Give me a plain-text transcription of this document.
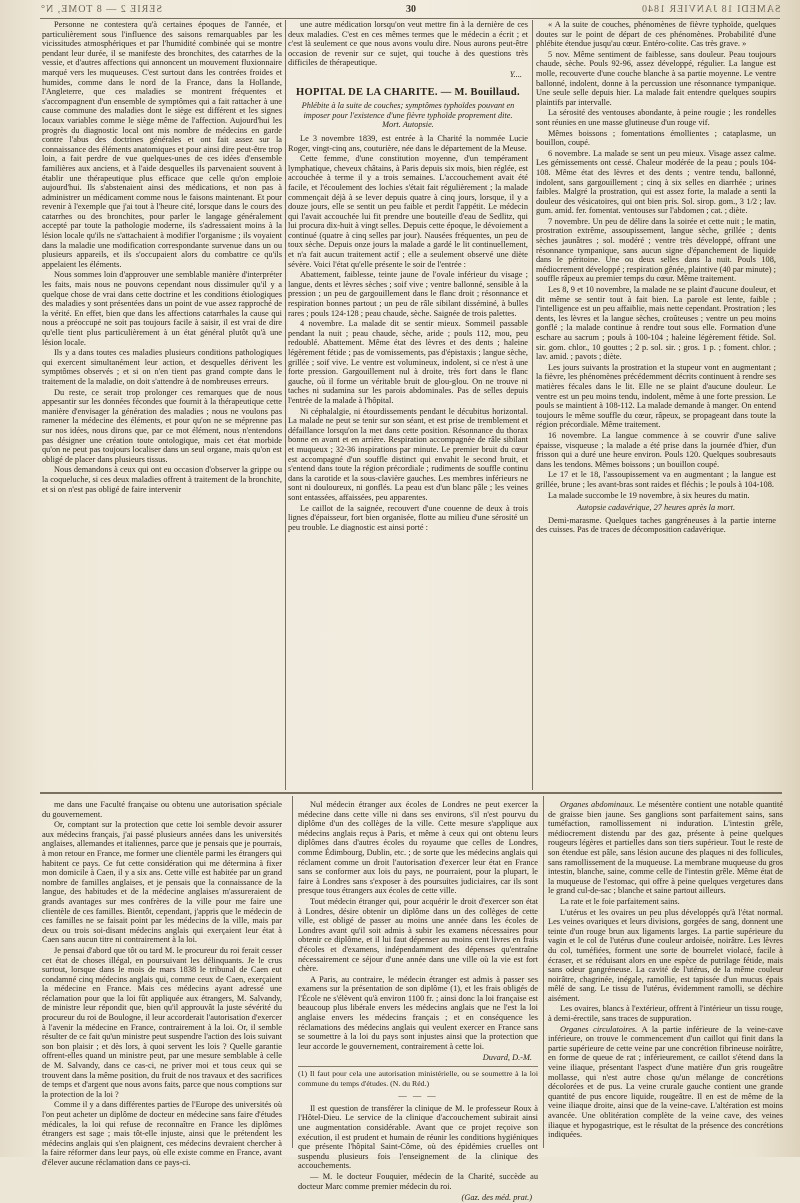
SERIE 2 — 8 TOME, N°	30	SAMEDI 18 JANVIER 1840

Personne ne contestera qu'à certaines époques de l'année, et particulièrement sous l'influence des saisons remarquables par les vicissitudes atmosphériques et par l'humidité combinée qui se montre pendant leur durée, il se manifeste des bronchites, des catarrhes de la vessie, et d'autres affections qui annoncent un mouvement fluxionnaire marqué vers les muqueuses. C'est surtout dans les contrées froides et humides, comme dans le nord de la France, dans la Hollande, l'Angleterre, que ces maladies se montrent fréquentes et s'accompagnent d'un ensemble de symptômes qui a fait rattacher à une cause commune des maladies dont le siège est différent et les signes locaux variables comme le siège même de l'affection. Aujourd'hui les progrès du diagnostic local ont mis nombre de médecins en garde contre l'abus des doctrines générales et ont fait assez sur la connaissance des éléments anatomiques et pour ainsi dire peut-être trop loin, a fait perdre de vue quelques-unes de ces idées d'ensemble familières aux anciens, et à l'aide desquelles ils parvenaient souvent à établir une thérapeutique plus efficace que celle qu'on emploie aujourd'hui. Ils s'abstenaient ainsi des médications, et non pas à administrer un médicament comme nous le faisons maintenant. Et pour revenir à l'exemple que j'ai tout à l'heure cité, lorsque dans le cours des catarrhes ou des bronchites, pour parler le langage généralement accepté par toute la pathologie moderne, ils s'adressaient moins à la lésion locale qu'ils ne s'attachaient à modifier l'organisme ; ils voyaient dans la maladie une modification correspondante survenue dans un ou plusieurs appareils, et ils s'occupaient alors du combattre ce qu'ils appelaient les éléments.

Nous sommes loin d'approuver une semblable manière d'interpréter les faits, mais nous ne pouvons cependant nous dissimuler qu'il y a quelque chose de vrai dans cette doctrine et les conditions étiologiques des maladies y sont présentées dans un point de vue assez rapproché de la vérité. En effet, bien que dans les affections catarrhales la cause qui nous a préoccupé ne soit pas toujours facile à saisir, il est vrai de dire qu'elle tient plus particulièrement à un état général plutôt qu'à une lésion locale.

Ils y a dans toutes ces maladies plusieurs conditions pathologiques qui exercent simultanément leur action, et desquelles dérivent les symptômes observés ; et si on n'en tient pas grand compte dans le traitement de la maladie, on doit s'attendre à de nombreuses erreurs.

Du reste, ce serait trop prolonger ces remarques que de nous appesantir sur les données fécondes que fournit à la thérapeutique cette manière d'envisager la génération des maladies ; nous ne voulons pas ramener la médecine des éléments, et pour qu'on ne se méprenne pas sur nos idées, nous dirons que, par ce mot élément, nous n'entendons pas désigner une création toute ontologique, mais cet état morbide qu'on ne peut pas toujours localiser dans un seul organe, mais qu'on est obligé de placer dans plusieurs tissus.

Nous demandons à ceux qui ont eu occasion d'observer la grippe ou la coqueluche, si ces deux maladies offrent à traitement de la bronchite, et si on n'est pas obligé de faire intervenir

une autre médication lorsqu'on veut mettre fin à la dernière de ces deux maladies. C'est en ces mêmes termes que le médecin a écrit ; et c'est là seulement ce que nous avons voulu dire. Nous aurons peut-être occasion de revenir sur ce sujet, qui touche à des questions très difficiles de thérapeutique.

Y....
HOPITAL DE LA CHARITE. — M. Bouillaud.
Phlébite à la suite de couches; symptômes typhoïdes pouvant en imposer pour l'existence d'une fièvre typhoïde proprement dite. Mort. Autopsie.

Le 3 novembre 1839, est entrée à la Charité la nommée Lucie Roger, vingt-cinq ans, couturière, née dans le département de la Meuse.

Cette femme, d'une constitution moyenne, d'un tempérament lymphatique, cheveux châtains, à Paris depuis six mois, bien réglée, est accouchée à terme il y a trois semaines. L'accouchement avait été facile, et l'écoulement des lochies s'était fait régulièrement ; la malade commençait déjà à se lever depuis quatre à cinq jours, lorsque, il y a douze jours, elle se sentit un peu faible et perdit l'appétit. Le médecin qui l'avait accouchée lui fit prendre une bouteille d'eau de Sedlitz, qui lui procura dix-huit à vingt selles. Depuis cette époque, le dévoiement a continué (quatre à cinq selles par jour). Nausées fréquentes, un peu de toux sèche. Depuis onze jours la malade a gardé le lit continuellement, et n'a fait aucun traitement actif ; elle a seulement observé une diète sévère. Voici l'état qu'elle présente le soir de l'entrée :

Abattement, faiblesse, teinte jaune de l'ovale inférieur du visage ; langue, dents et lèvres sèches ; soif vive ; ventre ballonné, sensible à la pression ; un peu de gargouillement dans le flanc droit ; résonnance et respiration bonnes partout ; un peu de râle sibilant disséminé, à bulles rares ; pouls 124-128 ; peau chaude, sèche. Saignée de trois palettes.

4 novembre. La malade dit se sentir mieux. Sommeil passable pendant la nuit ; peau chaude, sèche, aride ; pouls 112, mou, peu redoublé. Abattement. Même état des lèvres et des dents ; haleine légèrement fétide ; pas de vomissements, pas d'épistaxis ; langue sèche, grillée ; soif vive. Le ventre est volumineux, indolent, si ce n'est à une forte pression. Gargouillement nul à droite, très fort dans le flanc gauche, où il forme un véritable bruit de glou-glou. On ne trouve ni taches ni sudamina sur les parois abdominales. Pas de selles depuis l'entrée de la malade à l'hôpital.

Ni céphalalgie, ni étourdissements pendant le décubitus horizontal. La malade ne peut se tenir sur son séant, et est prise de tremblement et défaillance lorsqu'on la met dans cette position. Résonnance du thorax bonne en avant et en arrière. Respiration accompagnée de râle sibilant et muqueux ; 32-36 inspirations par minute. Le premier bruit du cœur est accompagné d'un souffle distinct qui envahit le second bruit, et s'entend dans toute la région précordiale ; rudiments de souffle continu dans la carotide et la sous-clavière gauches. Les membres inférieurs ne sont ni douloureux, ni gonflés. La peau est d'un blanc pâle ; les veines sont entassées, affaissées, peu apparentes.

Le caillot de la saignée, recouvert d'une couenne de deux à trois lignes d'épaisseur, fort bien organisée, flotte au milieu d'une sérosité un peu trouble. Le diagnostic est ainsi porté :

« A la suite de couches, phénomènes de fièvre typhoïde, quelques doutes sur le point de départ de ces phénomènes. Probabilité d'une phlébite étendue jusqu'au cœur. Entéro-colite. Cas très grave. »

5 nov. Même sentiment de faiblesse, sans douleur. Peau toujours chaude, sèche. Pouls 92-96, assez développé, régulier. La langue est molle, recouverte d'une couche blanche à sa partie moyenne. Le ventre ballonné, indolent, donne à la percussion une résonnance tympanique. Une seule selle depuis hier. La malade fait entendre quelques soupirs plaintifs par intervalle.

La sérosité des ventouses abondante, à peine rougie ; les rondelles sont réunies en une masse glutineuse d'un rouge vif.

Mêmes boissons ; fomentations émollientes ; cataplasme, un bouillon, coupé.

6 novembre. La malade se sent un peu mieux. Visage assez calme. Les gémissements ont cessé. Chaleur modérée de la peau ; pouls 104-108. Même état des lèvres et des dents ; ventre tendu, ballonné, indolent, sans gargouillement ; cinq à six selles en diarrhée ; urines faibles. Malgré la prostration, qui est assez forte, la malade a senti la douleur des vésicatoires, qui ont bien pris. Sol. sirop. gom., 3 1/2 ; lav. gum. amid. fer. fomentat. ventouses sur l'abdomen ; cat. ; diète.

7 novembre. Un peu de délire dans la soirée et cette nuit ; le matin, prostration extrême, assoupissement, langue sèche, grillée ; dents sèches jaunâtres ; sol. modéré ; ventre très développé, offrant une résonnance tympanique, sans aucun signe d'épanchement de liquide dans le péritoine. Une ou deux selles dans la nuit. Pouls 108, médiocrement développé ; respiration gênée, plaintive (40 par minute) ; souffle râpeux au premier temps du cœur. Même traitement.

Les 8, 9 et 10 novembre, la malade ne se plaint d'aucune douleur, et dit même se sentir tout à fait bien. La parole est lente, faible ; l'intelligence est un peu affaiblie, mais nette cependant. Prostration ; les dents, les lèvres et la langue sèches, croûteuses ; ventre un peu moins gonflé ; la malade continue à rendre tout sous elle. Formation d'une eschare au sacrum ; pouls à 100-104 ; haleine légèrement fétide. Sol. sir. gom. chlor., 10 gouttes ; 2 p. sol. sir. ; gros. 1 p. ; foment. chlor. ; lav. amid. ; pavots ; diète.

Les jours suivants la prostration et la stupeur vont en augmentant ; la fièvre, les phénomènes précédemment décrits continuent à rendre ses matières fécales dans le lit. Elle ne se plaint d'aucune douleur. Le ventre est un peu moins tendu, indolent, même à une forte pression. Le pouls se maintient à 108-112. La malade demande à manger. On entend toujours le même souffle du cœur, râpeux, se propageant dans toute la région précordiale. Même traitement.

16 novembre. La langue commence à se couvrir d'une salive épaisse, visqueuse ; la malade a été prise dans la journée d'hier, d'un frisson qui a duré une heure environ. Pouls 120. Quelques soubresauts dans les tendons. Mêmes boissons ; un bouillon coupé.

Le 17 et le 18, l'assoupissement va en augmentant ; la langue est grillée, brune ; les avant-bras sont raides et fléchis ; le pouls à 104-108.

La malade succombe le 19 novembre, à six heures du matin.

Autopsie cadavérique, 27 heures après la mort.

Demi-marasme. Quelques taches gangréneuses à la partie interne des cuisses. Pas de traces de décomposition cadavérique.

me dans une Faculté française ou obtenu une autorisation spéciale du gouvernement.

Or, comptant sur la protection que cette loi semble devoir assurer aux médecins français, j'ai passé plusieurs années dans les universités anglaises, allemandes et italiennes, parce que je pensais que je pourrais, à mon retour en France, me former une clientèle parmi les étrangers qui habitent ce pays. Ce fut cette considération qui me détermina à fixer mon domicile à Caen, il y a six ans. Cette ville est habitée par un grand nombre de familles anglaises, et je pensais que la connaissance de la langue, des habitudes et de la médecine anglaises m'assureraient de grands avantages sur mes confrères de la ville pour me faire une clientèle de ces familles. Bientôt, cependant, j'appris que le médecin de ces familles ne se faisait point par les médecins de la ville, mais par deux ou trois soi-disant médecins anglais qui exerçaient leur état à Caen sans aucun titre ni contrairement à la loi.

Je pensai d'abord que tôt ou tard M. le procureur du roi ferait cesser cet état de choses illégal, en poursuivant les délinquants. Je le crus surtout, lorsque dans le mois de mars 1838 le tribunal de Caen eut condamné cinq médecins anglais qui, comme ceux de Caen, exerçaient la médecine en France. Mais ces médecins ayant adressé une réclamation pour que la loi fût appliquée aux étrangers, M. Salvandy, de ministre leur répondit que, bien qu'il approuvât la juste sévérité du procureur du roi de Boulogne, il leur accorderait l'autorisation d'exercer à l'avenir la médecine en France, contrairement à la loi. Or, il semble résulter de ce fait qu'un ministre peut suspendre l'action des lois suivant son bon plaisir ; et dès lors, à quoi servent les lois ? Quelle garantie offrent-elles quand un ministre peut, par une mesure semblable à celle de M. Salvandy, dans ce cas-ci, ne priver moi et tous ceux qui se trouvent dans la même position, du fruit de nos travaux et des sacrifices de temps et d'argent que nous avons faits, parce que nous comptions sur la protection de la loi ?

Comme il y a dans différentes parties de l'Europe des universités où l'on peut acheter un diplôme de docteur en médecine sans faire d'études médicales, la loi qui refuse de reconnaître en France les diplômes étrangers est sage ; mais tôt-elle injuste, ainsi que le prétendent les médecins anglais qui s'en plaignent, ces médecins devraient chercher à la faire réformer dans leur pays, où elle existe comme en France, avant d'élever aucune réclamation dans ce pays-ci.

Nul médecin étranger aux écoles de Londres ne peut exercer la médecine dans cette ville ni dans ses environs, s'il n'est pourvu du diplôme d'un des collèges de la ville. Cette mesure s'applique aux médecins anglais reçus à Paris, et même à ceux qui ont obtenu leurs diplômes dans d'autres écoles du royaume que celles de Londres, comme Édimbourg, Dublin, etc. ; de sorte que les médecins anglais qui réclament comme un droit l'autorisation d'exercer leur état en France sans se conformer aux lois du pays, ne pourraient, pour la plupart, le faire à Londres sans s'exposer à des poursuites judiciaires, car ils sont presque tous étrangers aux écoles de cette ville.

Tout médecin étranger qui, pour acquérir le droit d'exercer son état à Londres, désire obtenir un diplôme dans un des collèges de cette ville, est obligé de passer au moins une année dans les écoles de Londres avant qu'il soit admis à subir les examens nécessaires pour obtenir ce diplôme, et il lui faut dépenser au moins cent livres en frais d'écoles et d'examens, indépendamment des dépenses qu'entraîne nécessairement ce séjour d'une année dans une ville où la vie est fort chère.

A Paris, au contraire, le médecin étranger est admis à passer ses examens sur la présentation de son diplôme (1), et les frais obligés de l'École ne s'élèvent qu'à environ 1100 fr. ; ainsi donc la loi française est beaucoup plus libérale envers les médecins anglais que ne l'est la loi anglaise envers les médecins français ; et en conséquence les réclamations des médecins anglais qui veulent exercer en France sans se soumettre à la loi du pays sont injustes ainsi que la protection que leur accorde le gouvernement, contrairement à cette loi.

Duvard, D.-M.
(1) Il faut pour cela une autorisation ministérielle, ou se soumettre à la loi commune du temps d'études. (N. du Réd.)
— — —

Il est question de transférer la clinique de M. le professeur Roux à l'Hôtel-Dieu. Le service de la clinique d'accouchement subirait ainsi une augmentation considérable. Avant que ce projet reçoive son exécution, il est prudent et humain de réunir les conditions hygiéniques que présente l'hôpital Saint-Côme, où des épidémies cruelles ont suspendu plusieurs fois l'enseignement de la clinique des accouchements.

— M. le docteur Fouquier, médecin de la Charité, succède au docteur Marc comme premier médecin du roi.

(Gaz. des méd. prat.)

Organes abdominaux. Le mésentère contient une notable quantité de graisse bien jaune. Ses ganglions sont parfaitement sains, sans tuméfaction, ramollissement ni induration. L'intestin grêle, médiocrement distendu par des gaz, présente à peine quelques rougeurs légères et partielles dans son tiers supérieur. Tout le reste de son étendue est pâle, sans lésion aucune des plaques ni des follicules, sans ramollissement de la muqueuse. La membrane muqueuse du gros intestin, blanche, saine, comme celle de l'intestin grêle. Même état de la muqueuse de l'estomac, qui offre à peine quelques vergetures dans le grand cul-de-sac ; blanche et saine partout ailleurs.

La rate et le foie parfaitement sains.

L'utérus et les ovaires un peu plus développés qu'à l'état normal. Les veines ovariques et leurs divisions, gorgées de sang, donnent une teinte d'un rouge brun aux ligaments larges. La partie supérieure du vagin et le col de l'utérus d'une couleur ardoisée, noirâtre. Les lèvres du col, tuméfiées, forment une sorte de bourrelet violacé, facile à écraser, et se réduisant alors en une espèce de putrilage fétide, mais sans odeur gangréneuse. La cavité de l'utérus, de la même couleur noirâtre, chagrinée, inégale, ramollie, est tapissée d'un mucus épais mêlé de sang. Le tissu de l'utérus, évidemment ramolli, se déchire aisément.

Les ovaires, blancs à l'extérieur, offrent à l'intérieur un tissu rouge, à demi-érectile, sans traces de suppuration.

Organes circulatoires. A la partie inférieure de la veine-cave inférieure, on trouve le commencement d'un caillot qui finit dans la partie supérieure de cette veine par une concrétion fibrineuse noirâtre, en forme de queue de rat ; inférieurement, ce caillot s'étend dans la veine iliaque, présentant l'aspect d'une matière d'un gris rougeâtre mollasse, qui n'est autre chose qu'un mélange de concrétions décolorées et de pus. La veine crurale gauche contient une grande quantité de pus encore liquide, rougeâtre. Il en est de même de la veine iliaque droite, ainsi que de la veine-cave. L'altération est moins avancée. Une oblitération complète de la veine cave, des veines iliaque et hypogastrique, est le résultat de la présence des concrétions indiquées.
